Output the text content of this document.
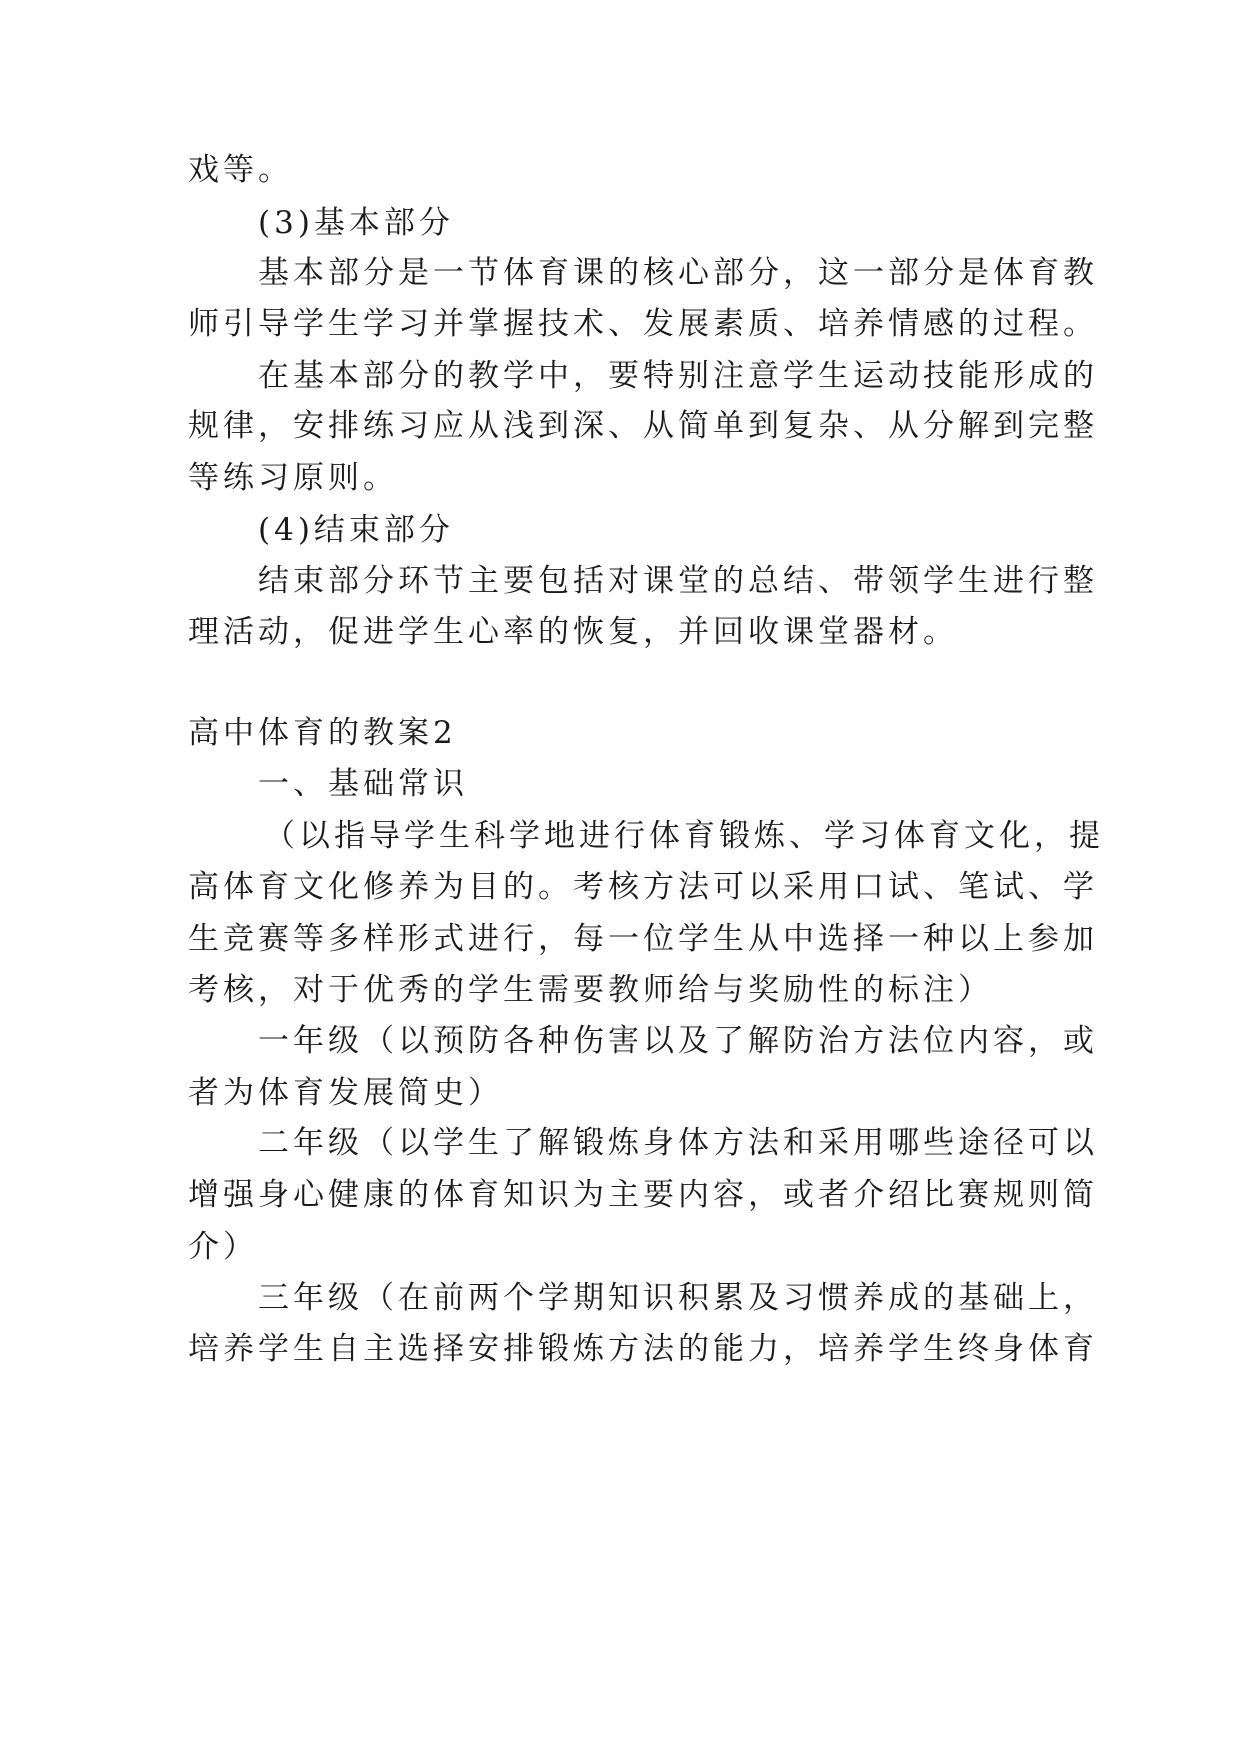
戏等。
(3)基本部分
基本部分是一节体育课的核心部分，这一部分是体育教
师引导学生学习并掌握技术、发展素质、培养情感的过程。
在基本部分的教学中，要特别注意学生运动技能形成的
规律，安排练习应从浅到深、从简单到复杂、从分解到完整
等练习原则。
(4)结束部分
结束部分环节主要包括对课堂的总结、带领学生进行整
理活动，促进学生心率的恢复，并回收课堂器材。
高中体育的教案2
一、基础常识
（以指导学生科学地进行体育锻炼、学习体育文化，提
高体育文化修养为目的。考核方法可以采用口试、笔试、学
生竞赛等多样形式进行，每一位学生从中选择一种以上参加
考核，对于优秀的学生需要教师给与奖励性的标注）
一年级（以预防各种伤害以及了解防治方法位内容，或
者为体育发展简史）
二年级（以学生了解锻炼身体方法和采用哪些途径可以
增强身心健康的体育知识为主要内容，或者介绍比赛规则简
介）
三年级（在前两个学期知识积累及习惯养成的基础上，
培养学生自主选择安排锻炼方法的能力，培养学生终身体育
